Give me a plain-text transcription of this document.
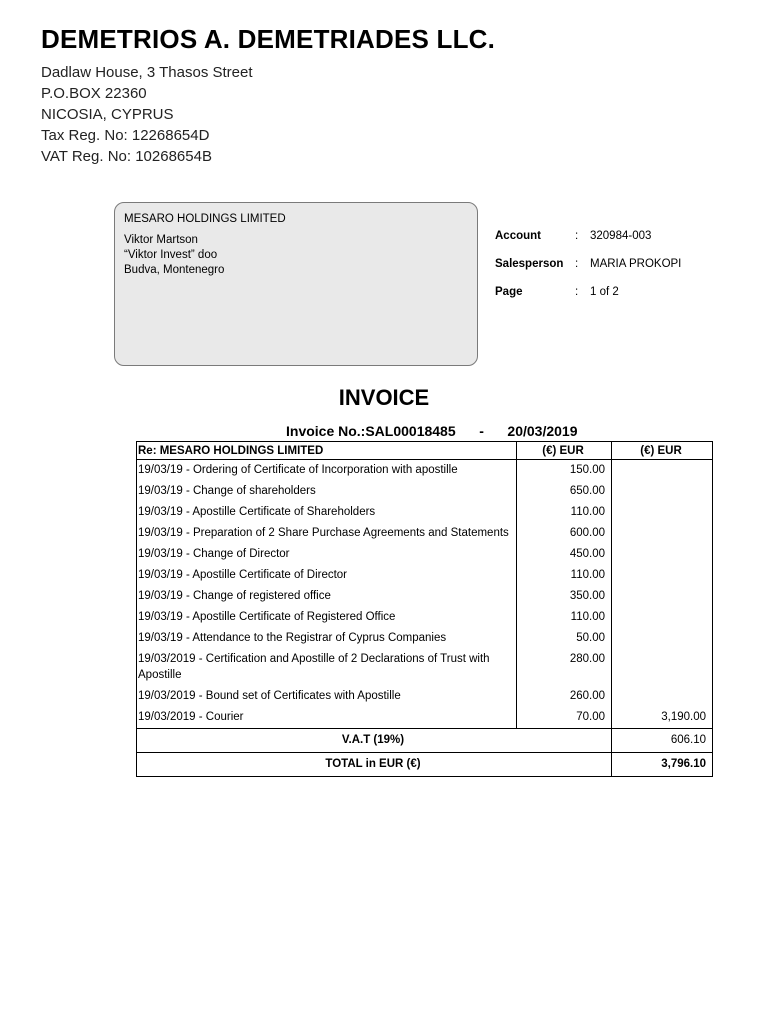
DEMETRIOS A. DEMETRIADES LLC.
Dadlaw House, 3 Thasos Street
P.O.BOX 22360
NICOSIA, CYPRUS
Tax Reg. No: 12268654D
VAT Reg. No: 10268654B
MESARO HOLDINGS LIMITED
Viktor Martson
“Viktor Invest” doo
Budva, Montenegro
Account	:	320984-003
Salesperson	:	MARIA PROKOPI
Page	:	1 of 2
INVOICE
Invoice No.:SAL00018485 - 20/03/2019
Re: MESARO HOLDINGS LIMITED	(€) EUR	(€) EUR
19/03/19 - Ordering of Certificate of Incorporation with apostille	150.00	
19/03/19 - Change of shareholders	650.00	
19/03/19 - Apostille Certificate of Shareholders	110.00	
19/03/19 - Preparation of 2 Share Purchase Agreements and Statements	600.00	
19/03/19 - Change of Director	450.00	
19/03/19 - Apostille Certificate of Director	110.00	
19/03/19 - Change of registered office	350.00	
19/03/19 - Apostille Certificate of Registered Office	110.00	
19/03/19 - Attendance to the Registrar of Cyprus Companies	50.00	
19/03/2019 - Certification and Apostille of 2 Declarations of Trust with Apostille	280.00	
19/03/2019 - Bound set of Certificates with Apostille	260.00	
19/03/2019 - Courier	70.00	3,190.00
V.A.T (19%)		606.10
TOTAL in EUR (€)		3,796.10
